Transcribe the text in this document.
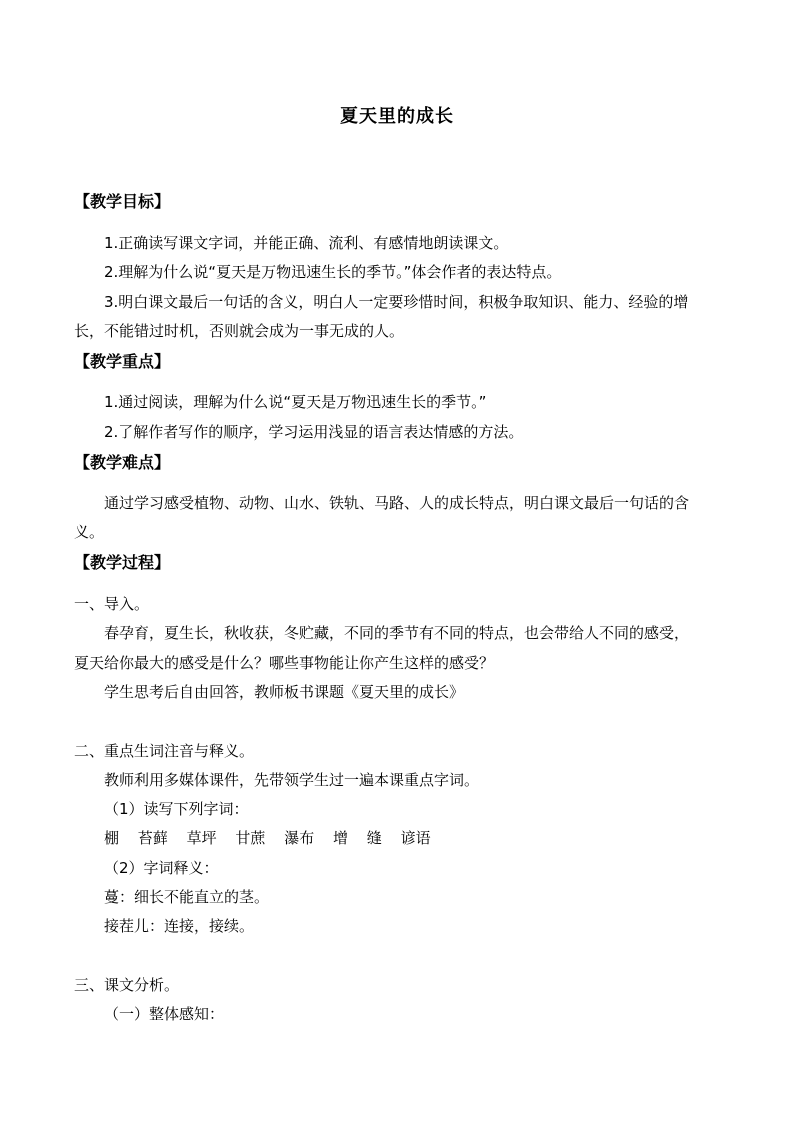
夏天里的成长
【教学目标】
1.正确读写课文字词，并能正确、流利、有感情地朗读课文。
2.理解为什么说“夏天是万物迅速生长的季节。”体会作者的表达特点。
3.明白课文最后一句话的含义，明白人一定要珍惜时间，积极争取知识、能力、经验的增
长，不能错过时机，否则就会成为一事无成的人。
【教学重点】
1.通过阅读，理解为什么说“夏天是万物迅速生长的季节。”
2.了解作者写作的顺序，学习运用浅显的语言表达情感的方法。
【教学难点】
通过学习感受植物、动物、山水、铁轨、马路、人的成长特点，明白课文最后一句话的含
义。
【教学过程】
一、导入。
春孕育，夏生长，秋收获，冬贮藏，不同的季节有不同的特点，也会带给人不同的感受，
夏天给你最大的感受是什么？哪些事物能让你产生这样的感受？
学生思考后自由回答，教师板书课题《夏天里的成长》
二、重点生词注音与释义。
教师利用多媒体课件，先带领学生过一遍本课重点字词。
（1）读写下列字词：
棚 苔藓 草坪 甘蔗 瀑布 增 缝 谚语
（2）字词释义：
蔓：细长不能直立的茎。
接茬儿：连接，接续。
三、课文分析。
（一）整体感知：
